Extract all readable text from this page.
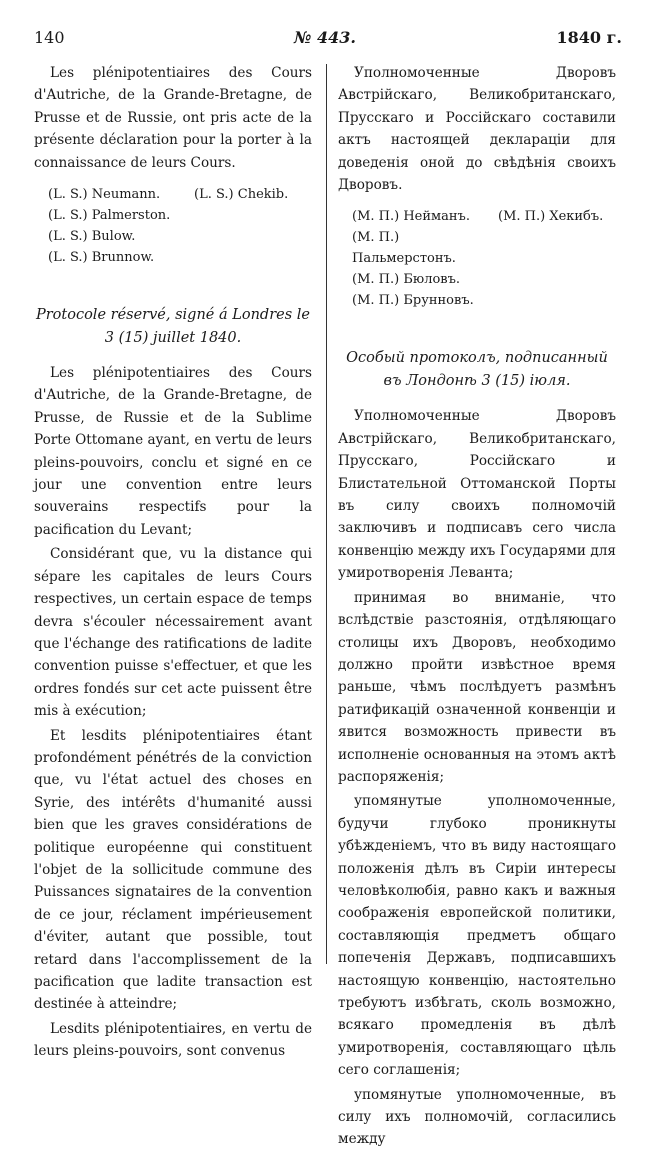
140	№ 443.	1840 г.

Les plénipotentiaires des Cours d'Autriche, de la Grande-Bretagne, de Prusse et de Russie, ont pris acte de la présente déclaration pour la porter à la connaissance de leurs Cours.

(L. S.) Neumann.	(L. S.) Chekib.
(L. S.) Palmerston.
(L. S.) Bulow.
(L. S.) Brunnow.
Protocole réservé, signé á Londres le 3 (15) juillet 1840.

Les plénipotentiaires des Cours d'Autriche, de la Grande-Bretagne, de Prusse, de Russie et de la Sublime Porte Ottomane ayant, en vertu de leurs pleins-pouvoirs, conclu et signé en ce jour une convention entre leurs souverains respectifs pour la pacification du Levant;

Considérant que, vu la distance qui sépare les capitales de leurs Cours respectives, un certain espace de temps devra s'écouler nécessairement avant que l'échange des ratifications de ladite convention puisse s'effectuer, et que les ordres fondés sur cet acte puissent être mis à exécution;

Et lesdits plénipotentiaires étant profondément pénétrés de la conviction que, vu l'état actuel des choses en Syrie, des intérêts d'humanité aussi bien que les graves considérations de politique européenne qui constituent l'objet de la sollicitude commune des Puissances signataires de la convention de ce jour, réclament impérieusement d'éviter, autant que possible, tout retard dans l'accomplissement de la pacification que ladite transaction est destinée à atteindre;

Lesdits plénipotentiaires, en vertu de leurs pleins-pouvoirs, sont convenus

Уполномоченные Дворовъ Австрійскаго, Великобританскаго, Прусскаго и Россійскаго составили актъ настоящей декларацiи для доведенія оной до свѣдѣнія своихъ Дворовъ.

(М. П.) Нейманъ.	(М. П.) Хекибъ.
(М. П.) Пальмерстонъ.
(М. П.) Бюловъ.
(М. П.) Брунновъ.
Особый протоколъ, подписанный въ Лондонѣ 3 (15) іюля.

Уполномоченные Дворовъ Австрійскаго, Великобританскаго, Прусскаго, Россійскаго и Блистательной Оттоманской Порты въ силу своихъ полномочій заключивъ и подписавъ сего числа конвенцію между ихъ Государями для умиротворенія Леванта;

принимая во вниманіе, что вслѣдствіе разстоянія, отдѣляющаго столицы ихъ Дворовъ, необходимо должно пройти извѣстное время раньше, чѣмъ послѣдуетъ размѣнъ ратификацій означенной конвенціи и явится возможность привести въ исполненіе основанныя на этомъ актѣ распоряженія;

упомянутые уполномоченные, будучи глубоко проникнуты убѣжденіемъ, что въ виду настоящаго положенія дѣлъ въ Сиріи интересы человѣколюбія, равно какъ и важныя соображенія европейской политики, составляющія предметъ общаго попеченія Державъ, подписавшихъ настоящую конвенцію, настоятельно требуютъ избѣгать, сколь возможно, всякаго промедленія въ дѣлѣ умиротворенія, составляющаго цѣль сего соглашенія;

упомянутые уполномоченные, въ силу ихъ полномочій, согласились между
